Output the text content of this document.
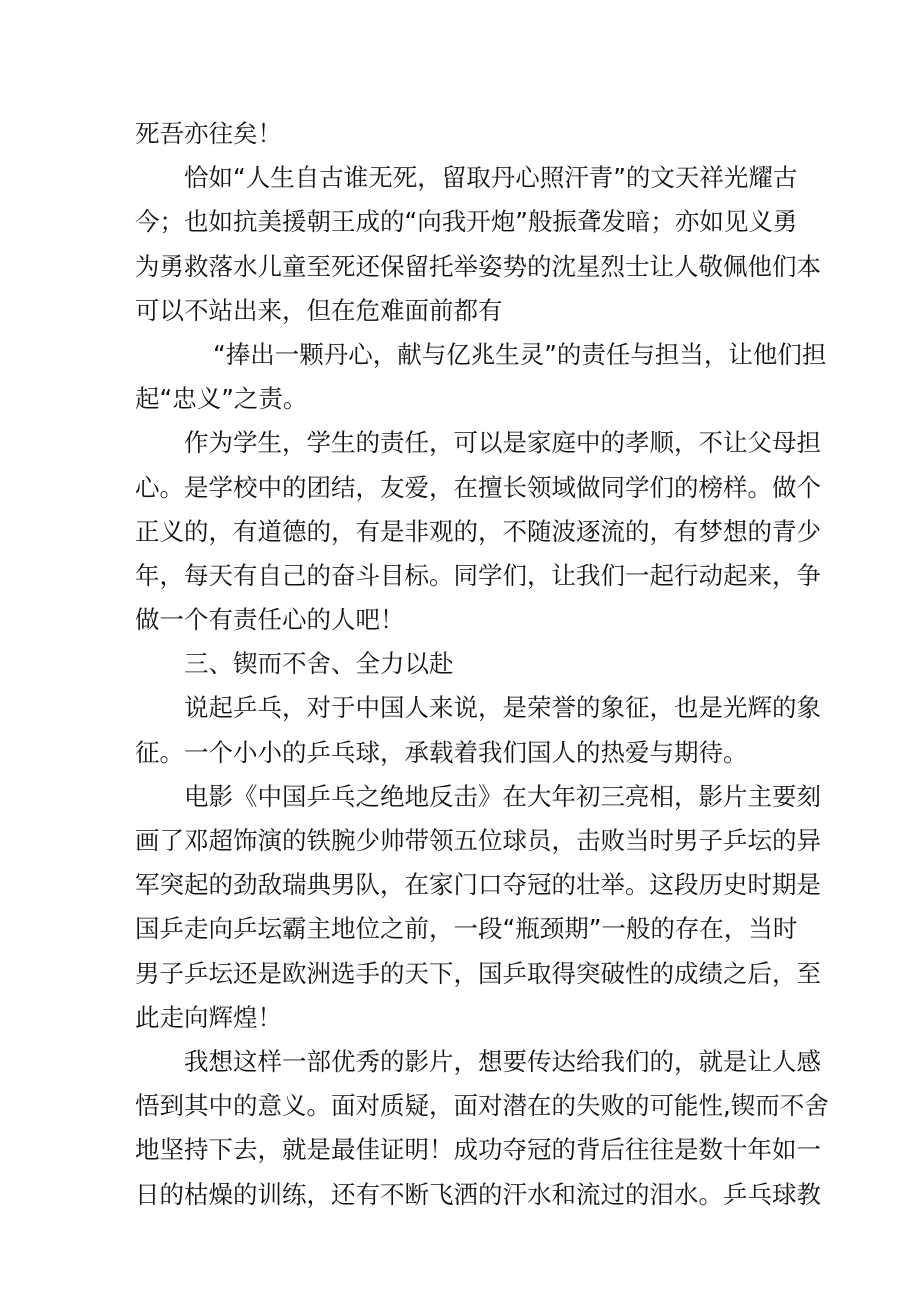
死吾亦往矣！
恰如“人生自古谁无死，留取丹心照汗青”的文天祥光耀古
今；也如抗美援朝王成的“向我开炮”般振聋发暗；亦如见义勇
为勇救落水儿童至死还保留托举姿势的沈星烈士让人敬佩他们本
可以不站出来，但在危难面前都有
“捧出一颗丹心，献与亿兆生灵”的责任与担当，让他们担
起“忠义”之责。
作为学生，学生的责任，可以是家庭中的孝顺，不让父母担
心。是学校中的团结，友爱，在擅长领域做同学们的榜样。做个
正义的，有道德的，有是非观的，不随波逐流的，有梦想的青少
年，每天有自己的奋斗目标。同学们，让我们一起行动起来，争
做一个有责任心的人吧！
三、锲而不舍、全力以赴
说起乒乓，对于中国人来说，是荣誉的象征，也是光辉的象
征。一个小小的乒乓球，承载着我们国人的热爱与期待。
电影《中国乒乓之绝地反击》在大年初三亮相，影片主要刻
画了邓超饰演的铁腕少帅带领五位球员，击败当时男子乒坛的异
军突起的劲敌瑞典男队，在家门口夺冠的壮举。这段历史时期是
国乒走向乒坛霸主地位之前，一段“瓶颈期”一般的存在，当时
男子乒坛还是欧洲选手的天下，国乒取得突破性的成绩之后，至
此走向辉煌！
我想这样一部优秀的影片，想要传达给我们的，就是让人感
悟到其中的意义。面对质疑，面对潜在的失败的可能性,锲而不舍
地坚持下去，就是最佳证明！成功夺冠的背后往往是数十年如一
日的枯燥的训练，还有不断飞洒的汗水和流过的泪水。乒乓球教
